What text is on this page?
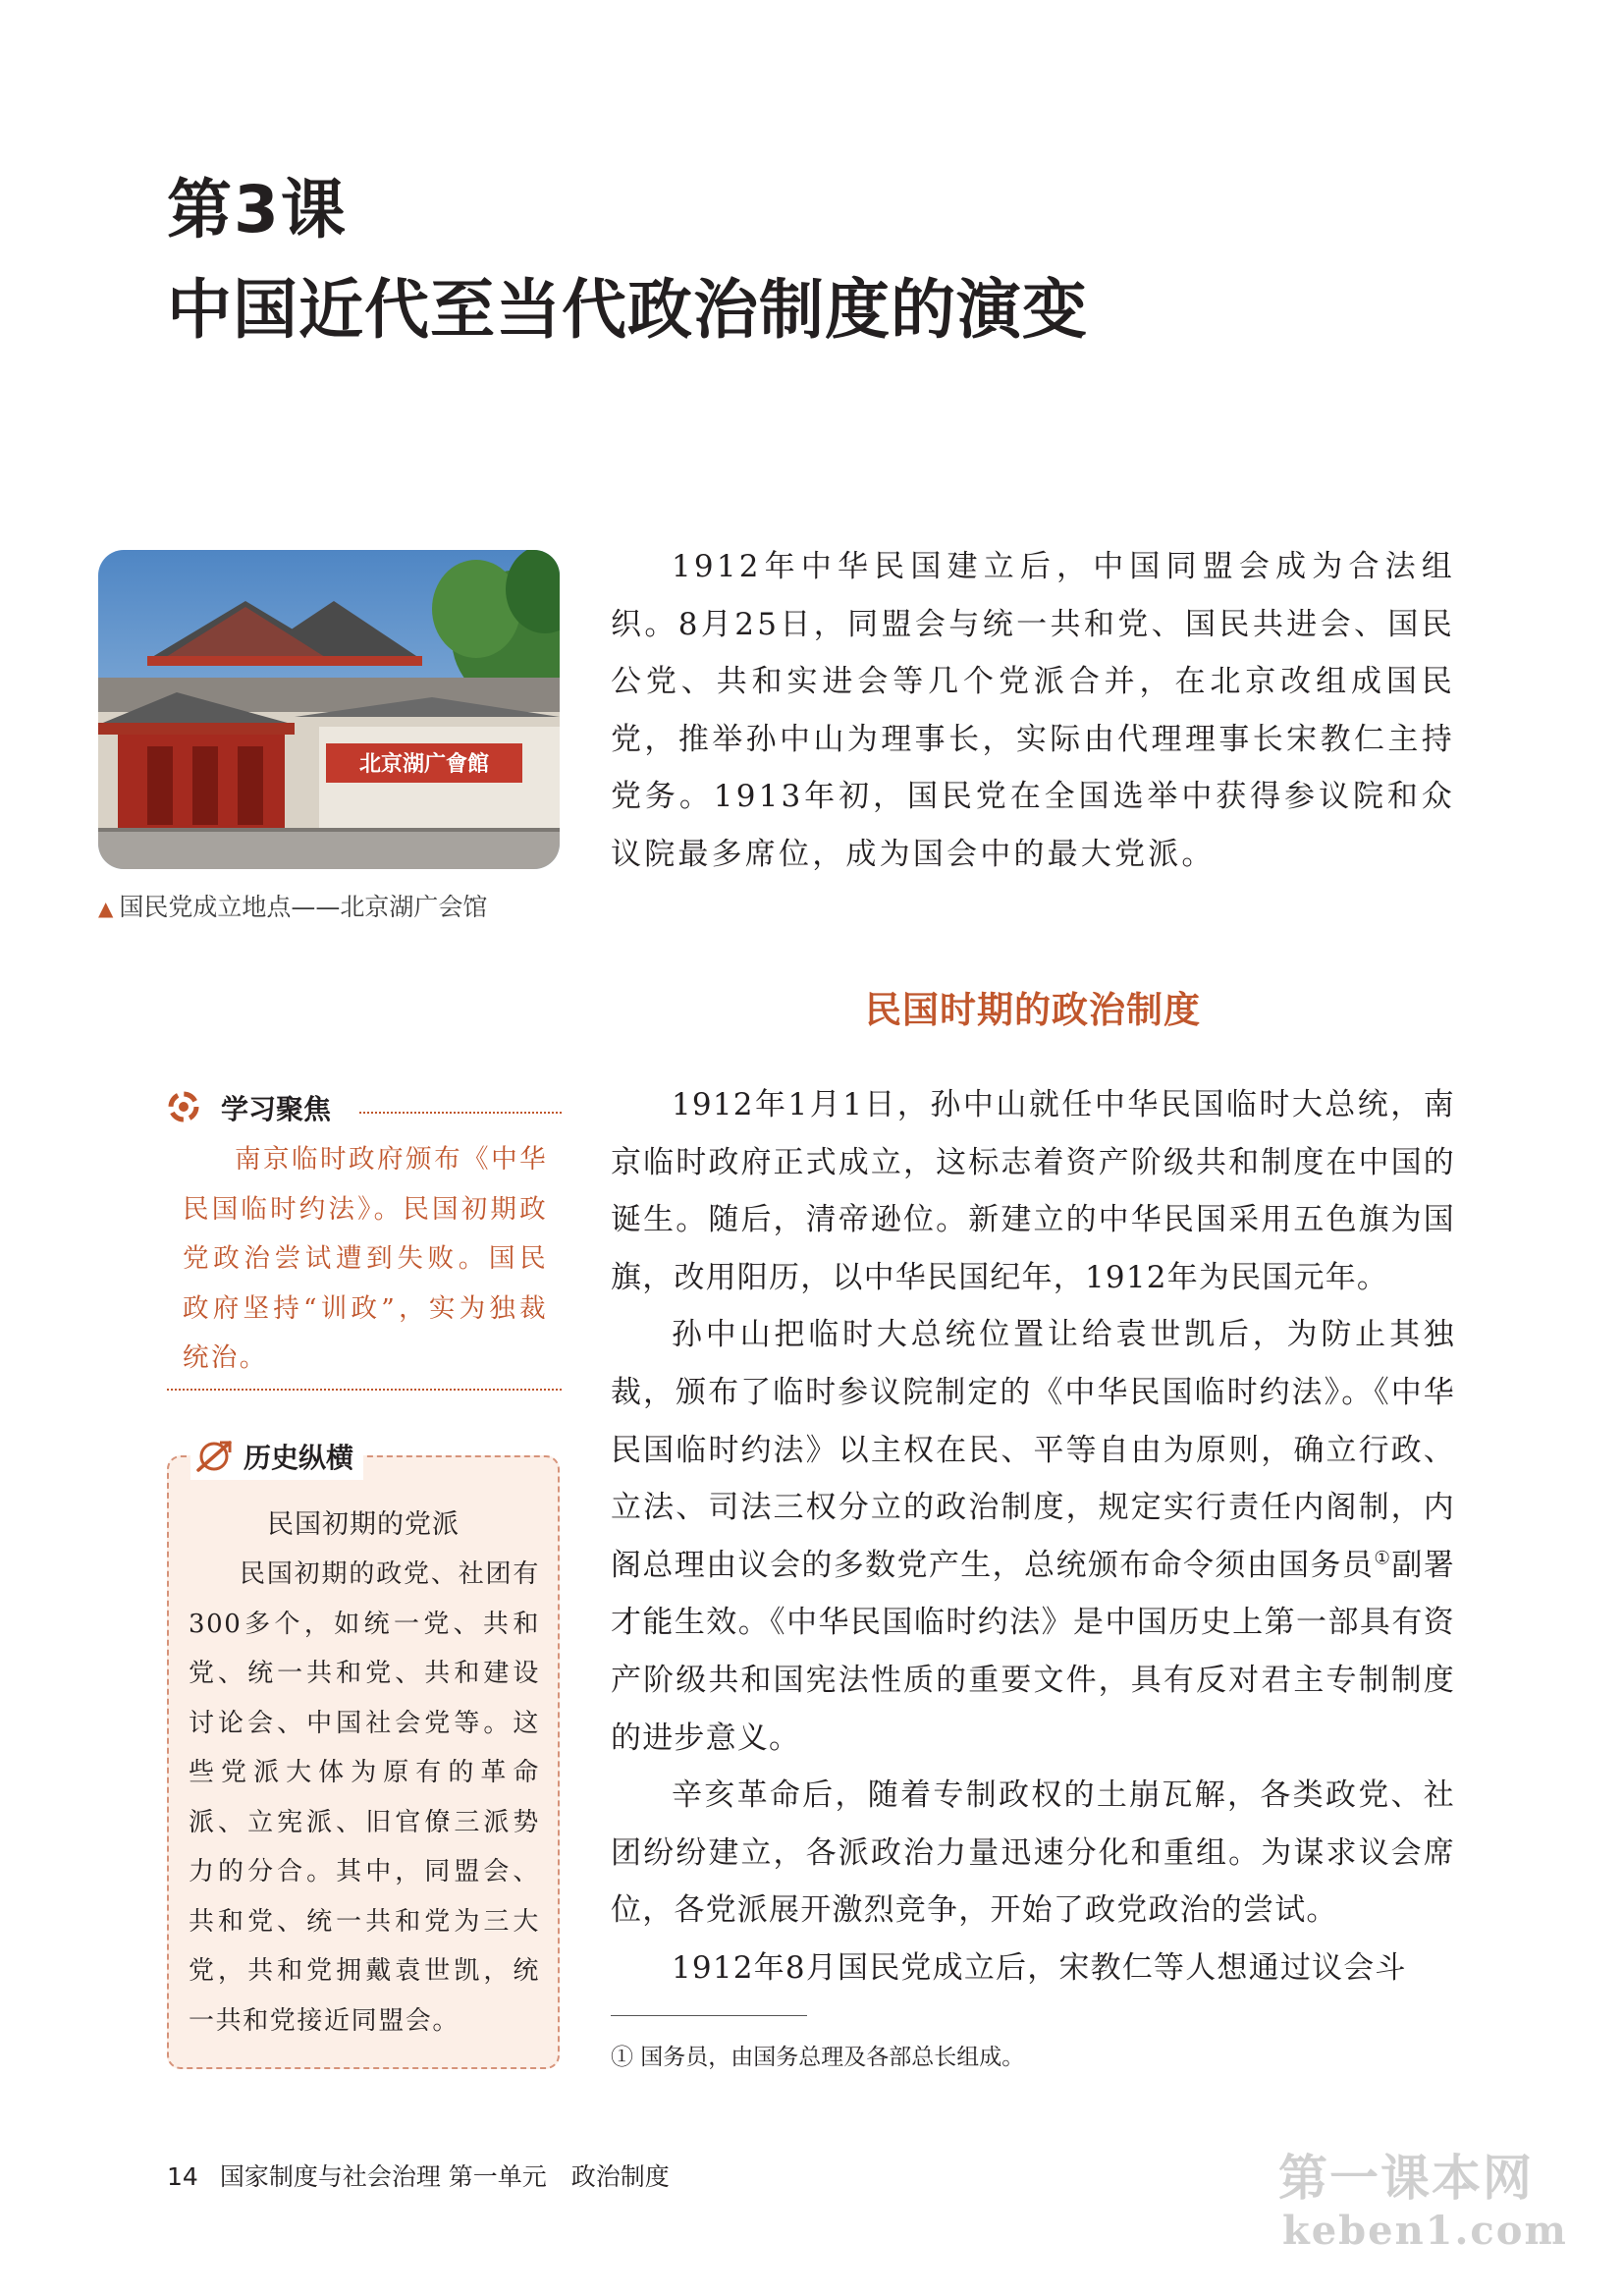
第3课
中国近代至当代政治制度的演变
北京湖广會館
▲ 国民党成立地点——北京湖广会馆

1912年中华民国建立后，中国同盟会成为合法组织。8月25日，同盟会与统一共和党、国民共进会、国民公党、共和实进会等几个党派合并，在北京改组成国民党，推举孙中山为理事长，实际由代理理事长宋教仁主持党务。1913年初，国民党在全国选举中获得参议院和众议院最多席位，成为国会中的最大党派。

民国时期的政治制度
学习聚焦
南京临时政府颁布《中华民国临时约法》。民国初期政党政治尝试遭到失败。国民政府坚持“训政”，实为独裁统治。
历史纵横
民国初期的党派

民国初期的政党、社团有300多个，如统一党、共和党、统一共和党、共和建设讨论会、中国社会党等。这些党派大体为原有的革命派、立宪派、旧官僚三派势力的分合。其中，同盟会、共和党、统一共和党为三大党，共和党拥戴袁世凯，统一共和党接近同盟会。

1912年1月1日，孙中山就任中华民国临时大总统，南京临时政府正式成立，这标志着资产阶级共和制度在中国的诞生。随后，清帝逊位。新建立的中华民国采用五色旗为国旗，改用阳历，以中华民国纪年，1912年为民国元年。

孙中山把临时大总统位置让给袁世凯后，为防止其独裁，颁布了临时参议院制定的《中华民国临时约法》。《中华民国临时约法》以主权在民、平等自由为原则，确立行政、立法、司法三权分立的政治制度，规定实行责任内阁制，内阁总理由议会的多数党产生，总统颁布命令须由国务员①副署才能生效。《中华民国临时约法》是中国历史上第一部具有资产阶级共和国宪法性质的重要文件，具有反对君主专制制度的进步意义。

辛亥革命后，随着专制政权的土崩瓦解，各类政党、社团纷纷建立，各派政治力量迅速分化和重组。为谋求议会席位，各党派展开激烈竞争，开始了政党政治的尝试。

1912年8月国民党成立后，宋教仁等人想通过议会斗

① 国务员，由国务总理及各部总长组成。
14 国家制度与社会治理 第一单元　政治制度	第一课本网
keben1.com
